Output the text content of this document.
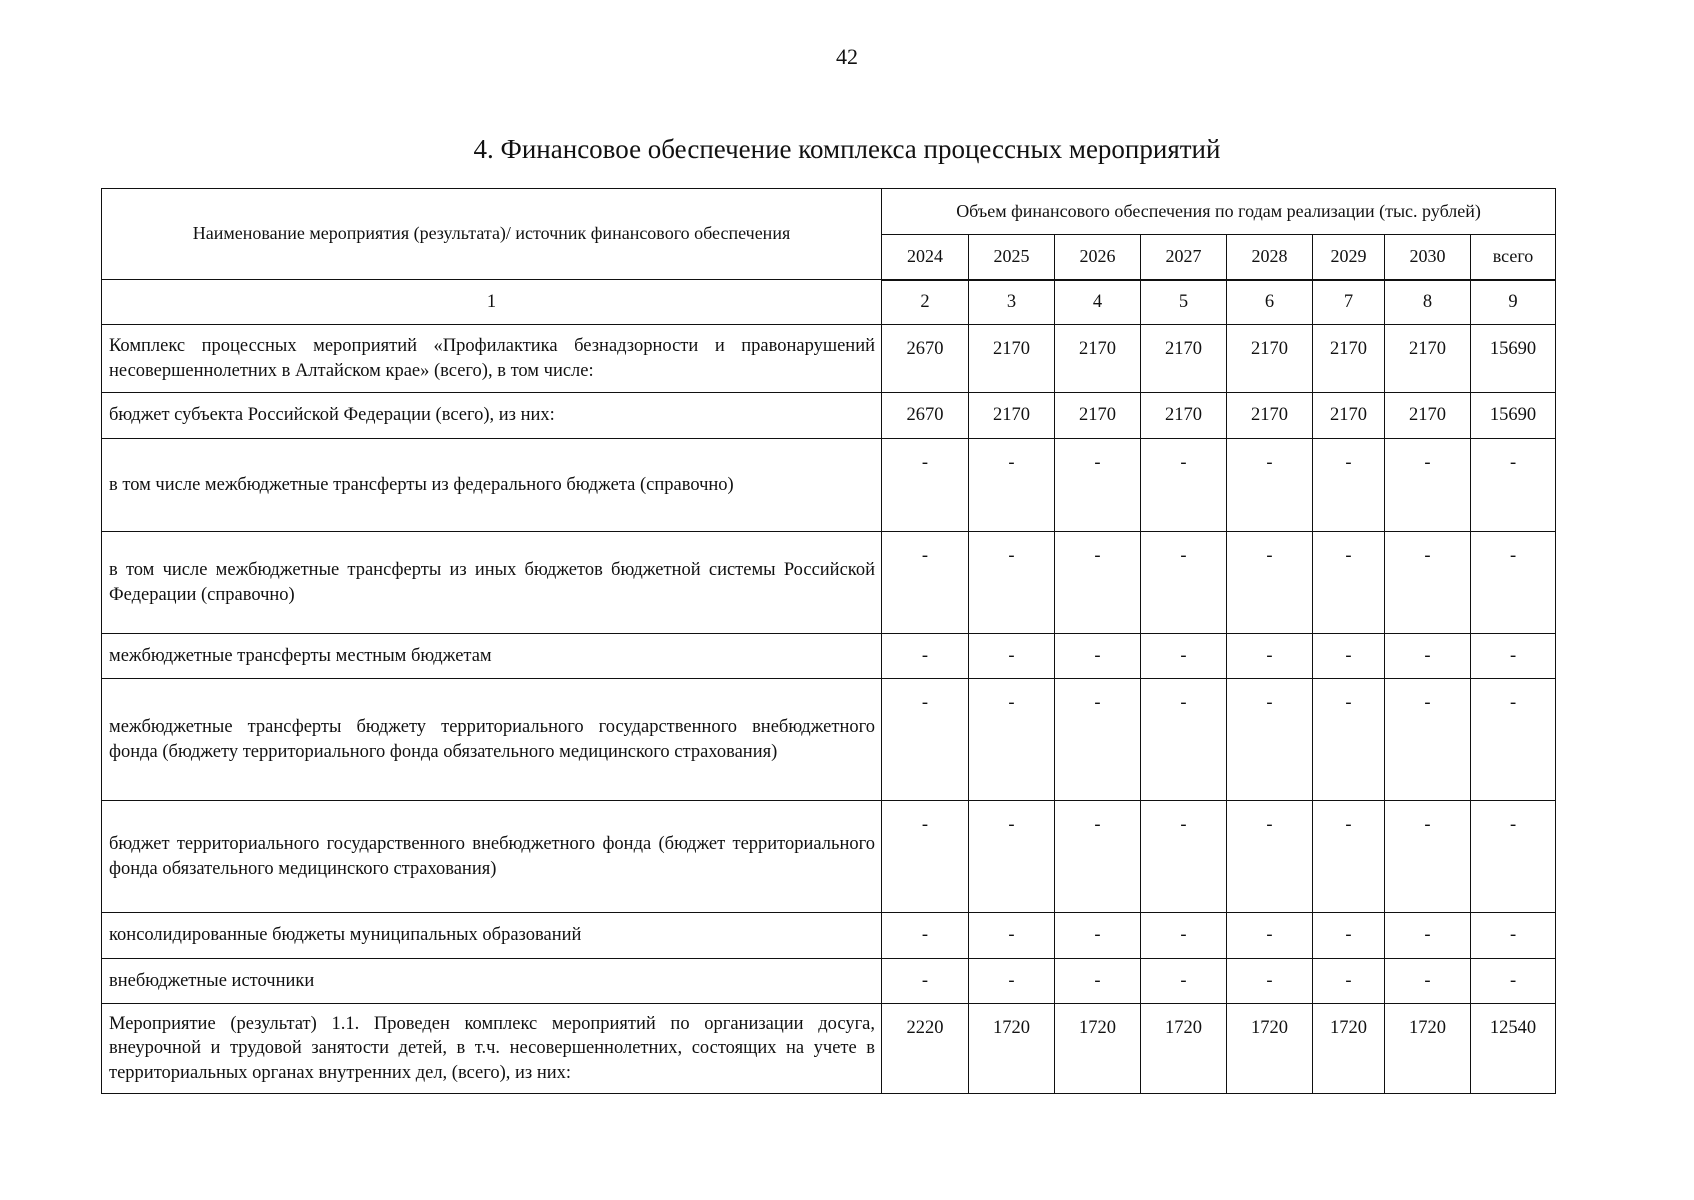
42
4. Финансовое обеспечение комплекса процессных мероприятий
Наименование мероприятия (результата)/ источник финансового обеспечения	Объем финансового обеспечения по годам реализации (тыс. рублей)							
	2024	2025	2026	2027	2028	2029	2030	всего
1	2	3	4	5	6	7	8	9
Комплекс процессных мероприятий «Профилактика безнадзорности и правонарушений несовершеннолетних в Алтайском крае» (всего), в том числе:	2670	2170	2170	2170	2170	2170	2170	15690
бюджет субъекта Российской Федерации (всего), из них:	2670	2170	2170	2170	2170	2170	2170	15690
в том числе межбюджетные трансферты из федерального бюджета (справочно)	-	-	-	-	-	-	-	-
в том числе межбюджетные трансферты из иных бюджетов бюджетной системы Российской Федерации (справочно)	-	-	-	-	-	-	-	-
межбюджетные трансферты местным бюджетам	-	-	-	-	-	-	-	-
межбюджетные трансферты бюджету территориального государственного внебюджетного фонда (бюджету территориального фонда обязательного медицинского страхования)	-	-	-	-	-	-	-	-
бюджет территориального государственного внебюджетного фонда (бюджет территориального фонда обязательного медицинского страхования)	-	-	-	-	-	-	-	-
консолидированные бюджеты муниципальных образований	-	-	-	-	-	-	-	-
внебюджетные источники	-	-	-	-	-	-	-	-
Мероприятие (результат) 1.1. Проведен комплекс мероприятий по организации досуга, внеурочной и трудовой занятости детей, в т.ч. несовершеннолетних, состоящих на учете в территориальных органах внутренних дел, (всего), из них:	2220	1720	1720	1720	1720	1720	1720	12540
